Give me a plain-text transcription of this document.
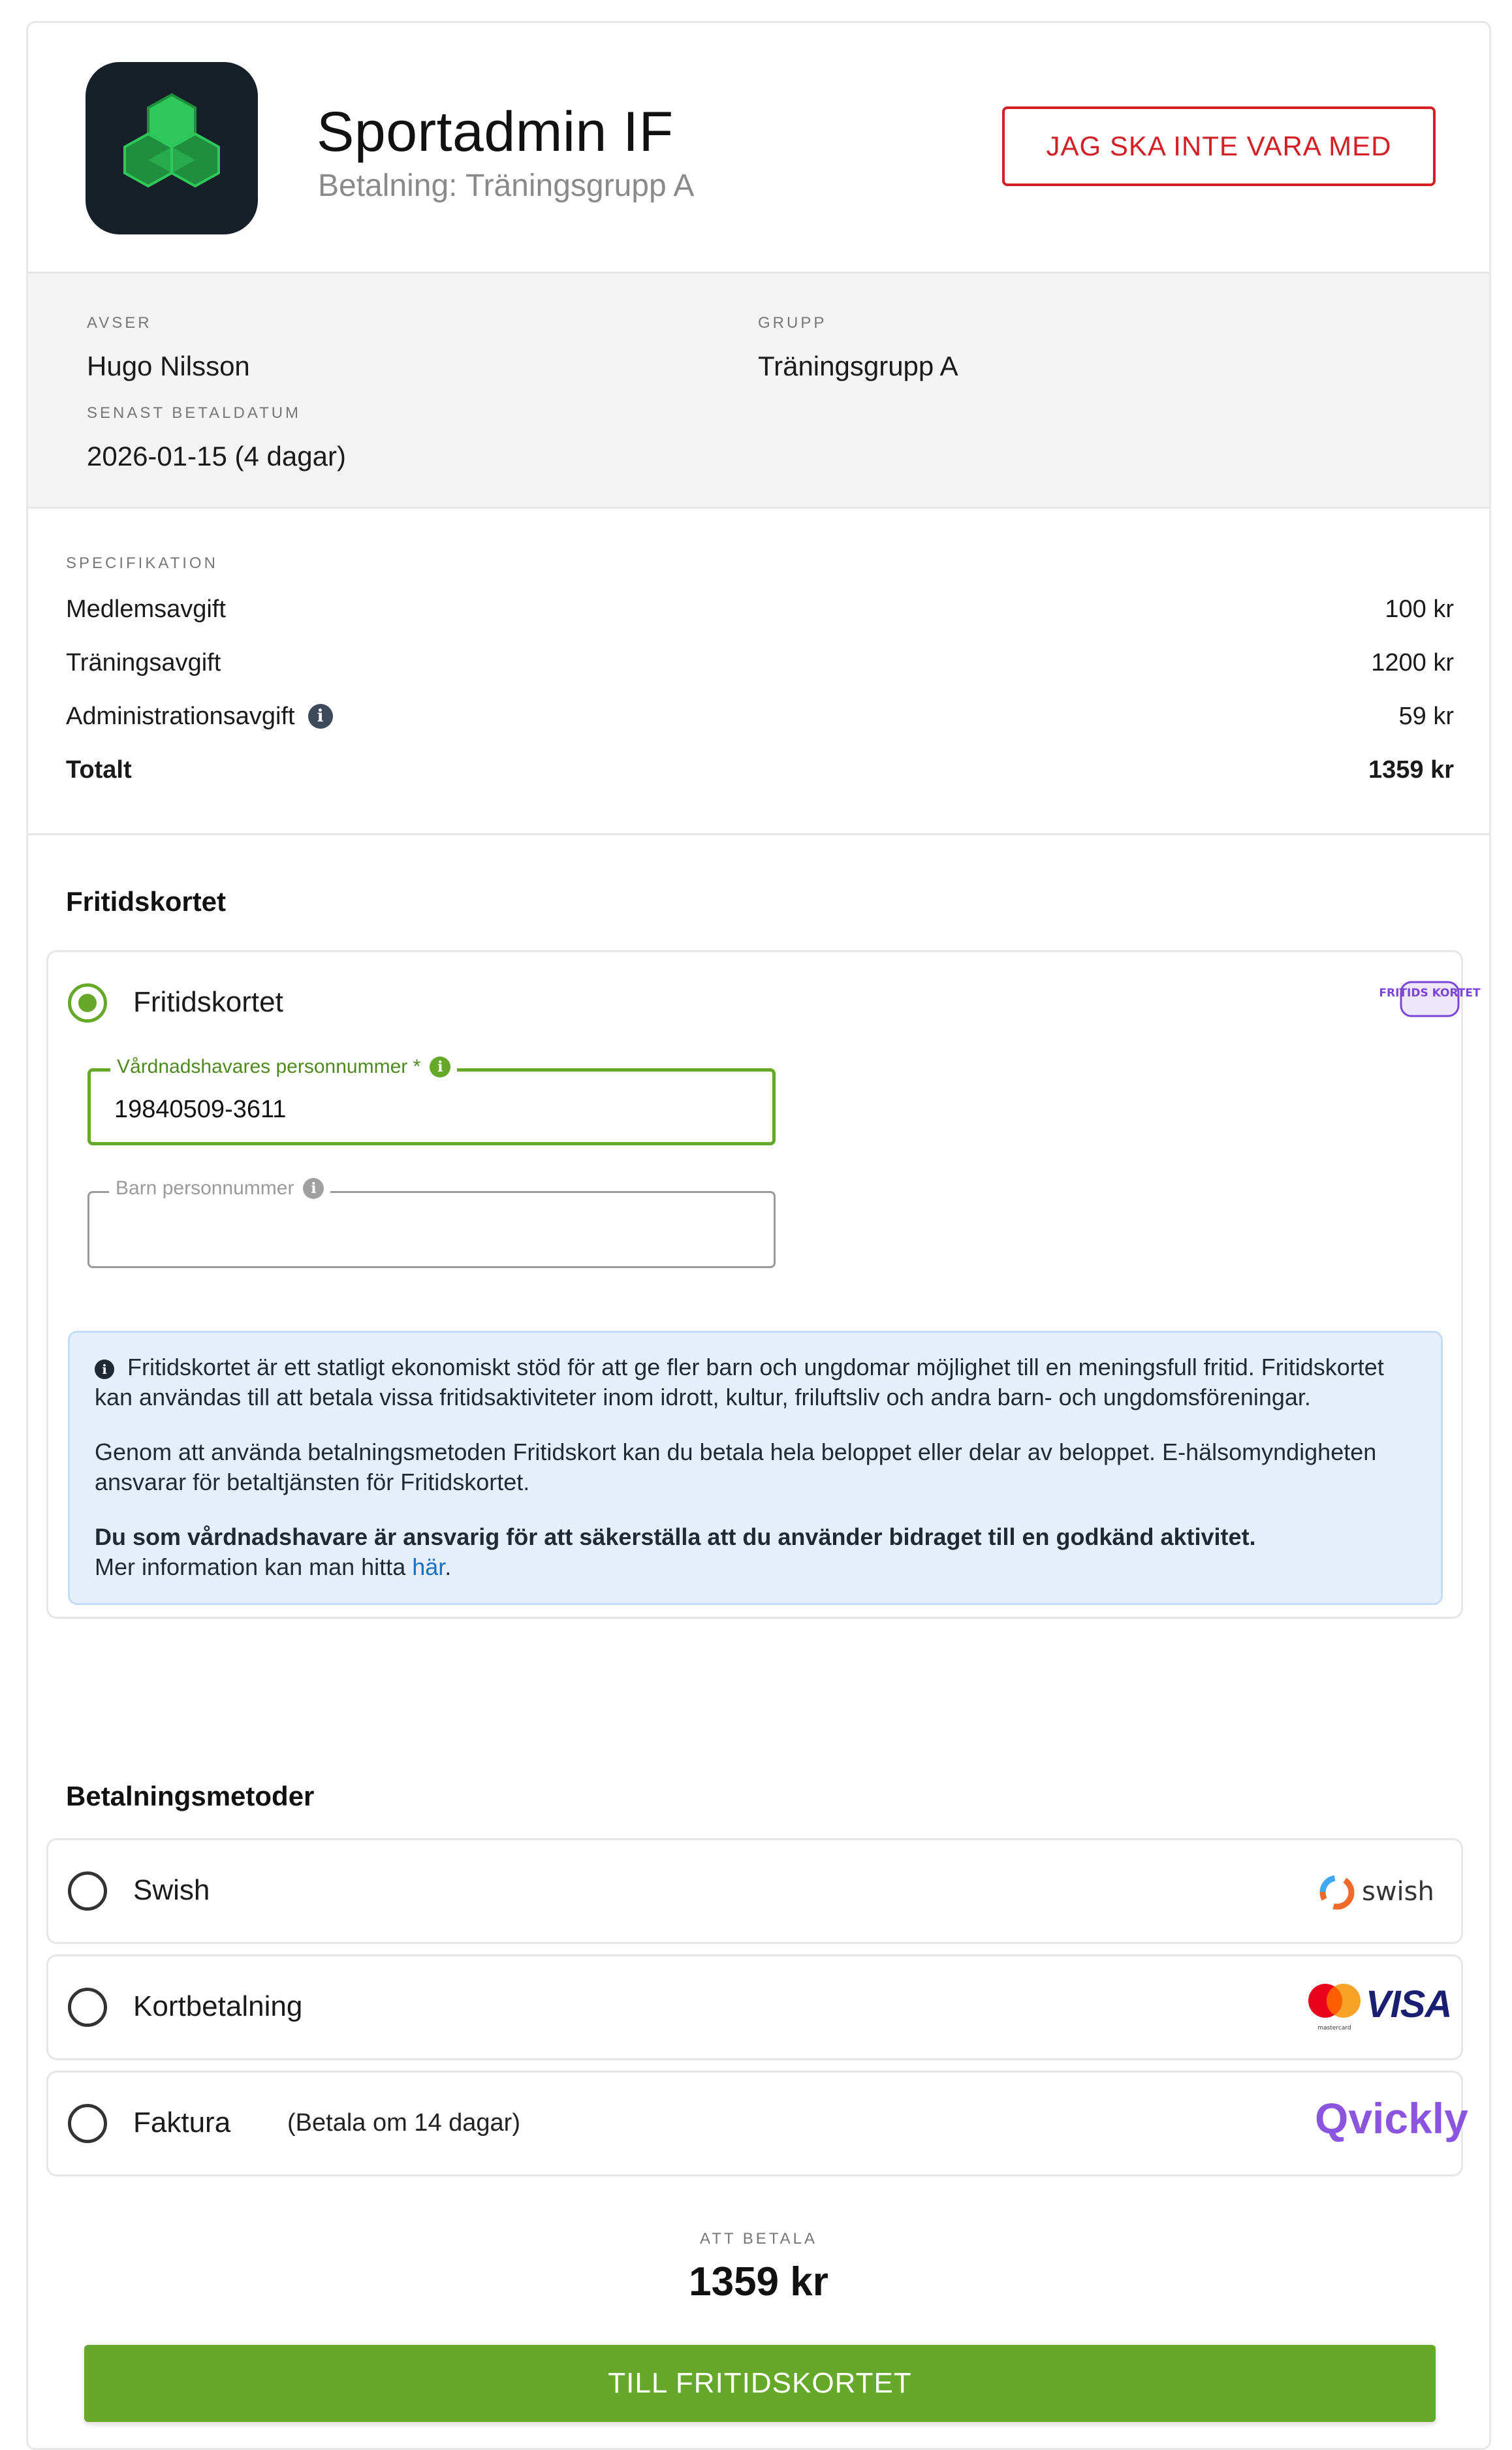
Sportadmin IF
Betalning: Träningsgrupp A
JAG SKA INTE VARA MED
AVSER
Hugo Nilsson
GRUPP
Träningsgrupp A
SENAST BETALDATUM
2026-01-15 (4 dagar)
SPECIFIKATION
Medlemsavgift	100 kr
Träningsavgift	1200 kr
Administrationsavgift	i	59 kr
Totalt	1359 kr
Fritidskortet
Fritidskortet	FRITIDS KORTET
Vårdnadshavares personnummer *	i
19840509-3611
Barn personnummer	i

i Fritidskortet är ett statligt ekonomiskt stöd för att ge fler barn och ungdomar möjlighet till en meningsfull fritid. Fritidskortet kan användas till att betala vissa fritidsaktiviteter inom idrott, kultur, friluftsliv och andra barn- och ungdomsföreningar.

Genom att använda betalningsmetoden Fritidskort kan du betala hela beloppet eller delar av beloppet. E-hälsomyndigheten ansvarar för betaltjänsten för Fritidskortet.

Du som vårdnadshavare är ansvarig för att säkerställa att du använder bidraget till en godkänd aktivitet.
Mer information kan man hitta här.

Betalningsmetoder
Swish	swish
Kortbetalning
mastercard
VISA
Faktura (Betala om 14 dagar)	Qvickly
ATT BETALA
1359 kr
TILL FRITIDSKORTET
